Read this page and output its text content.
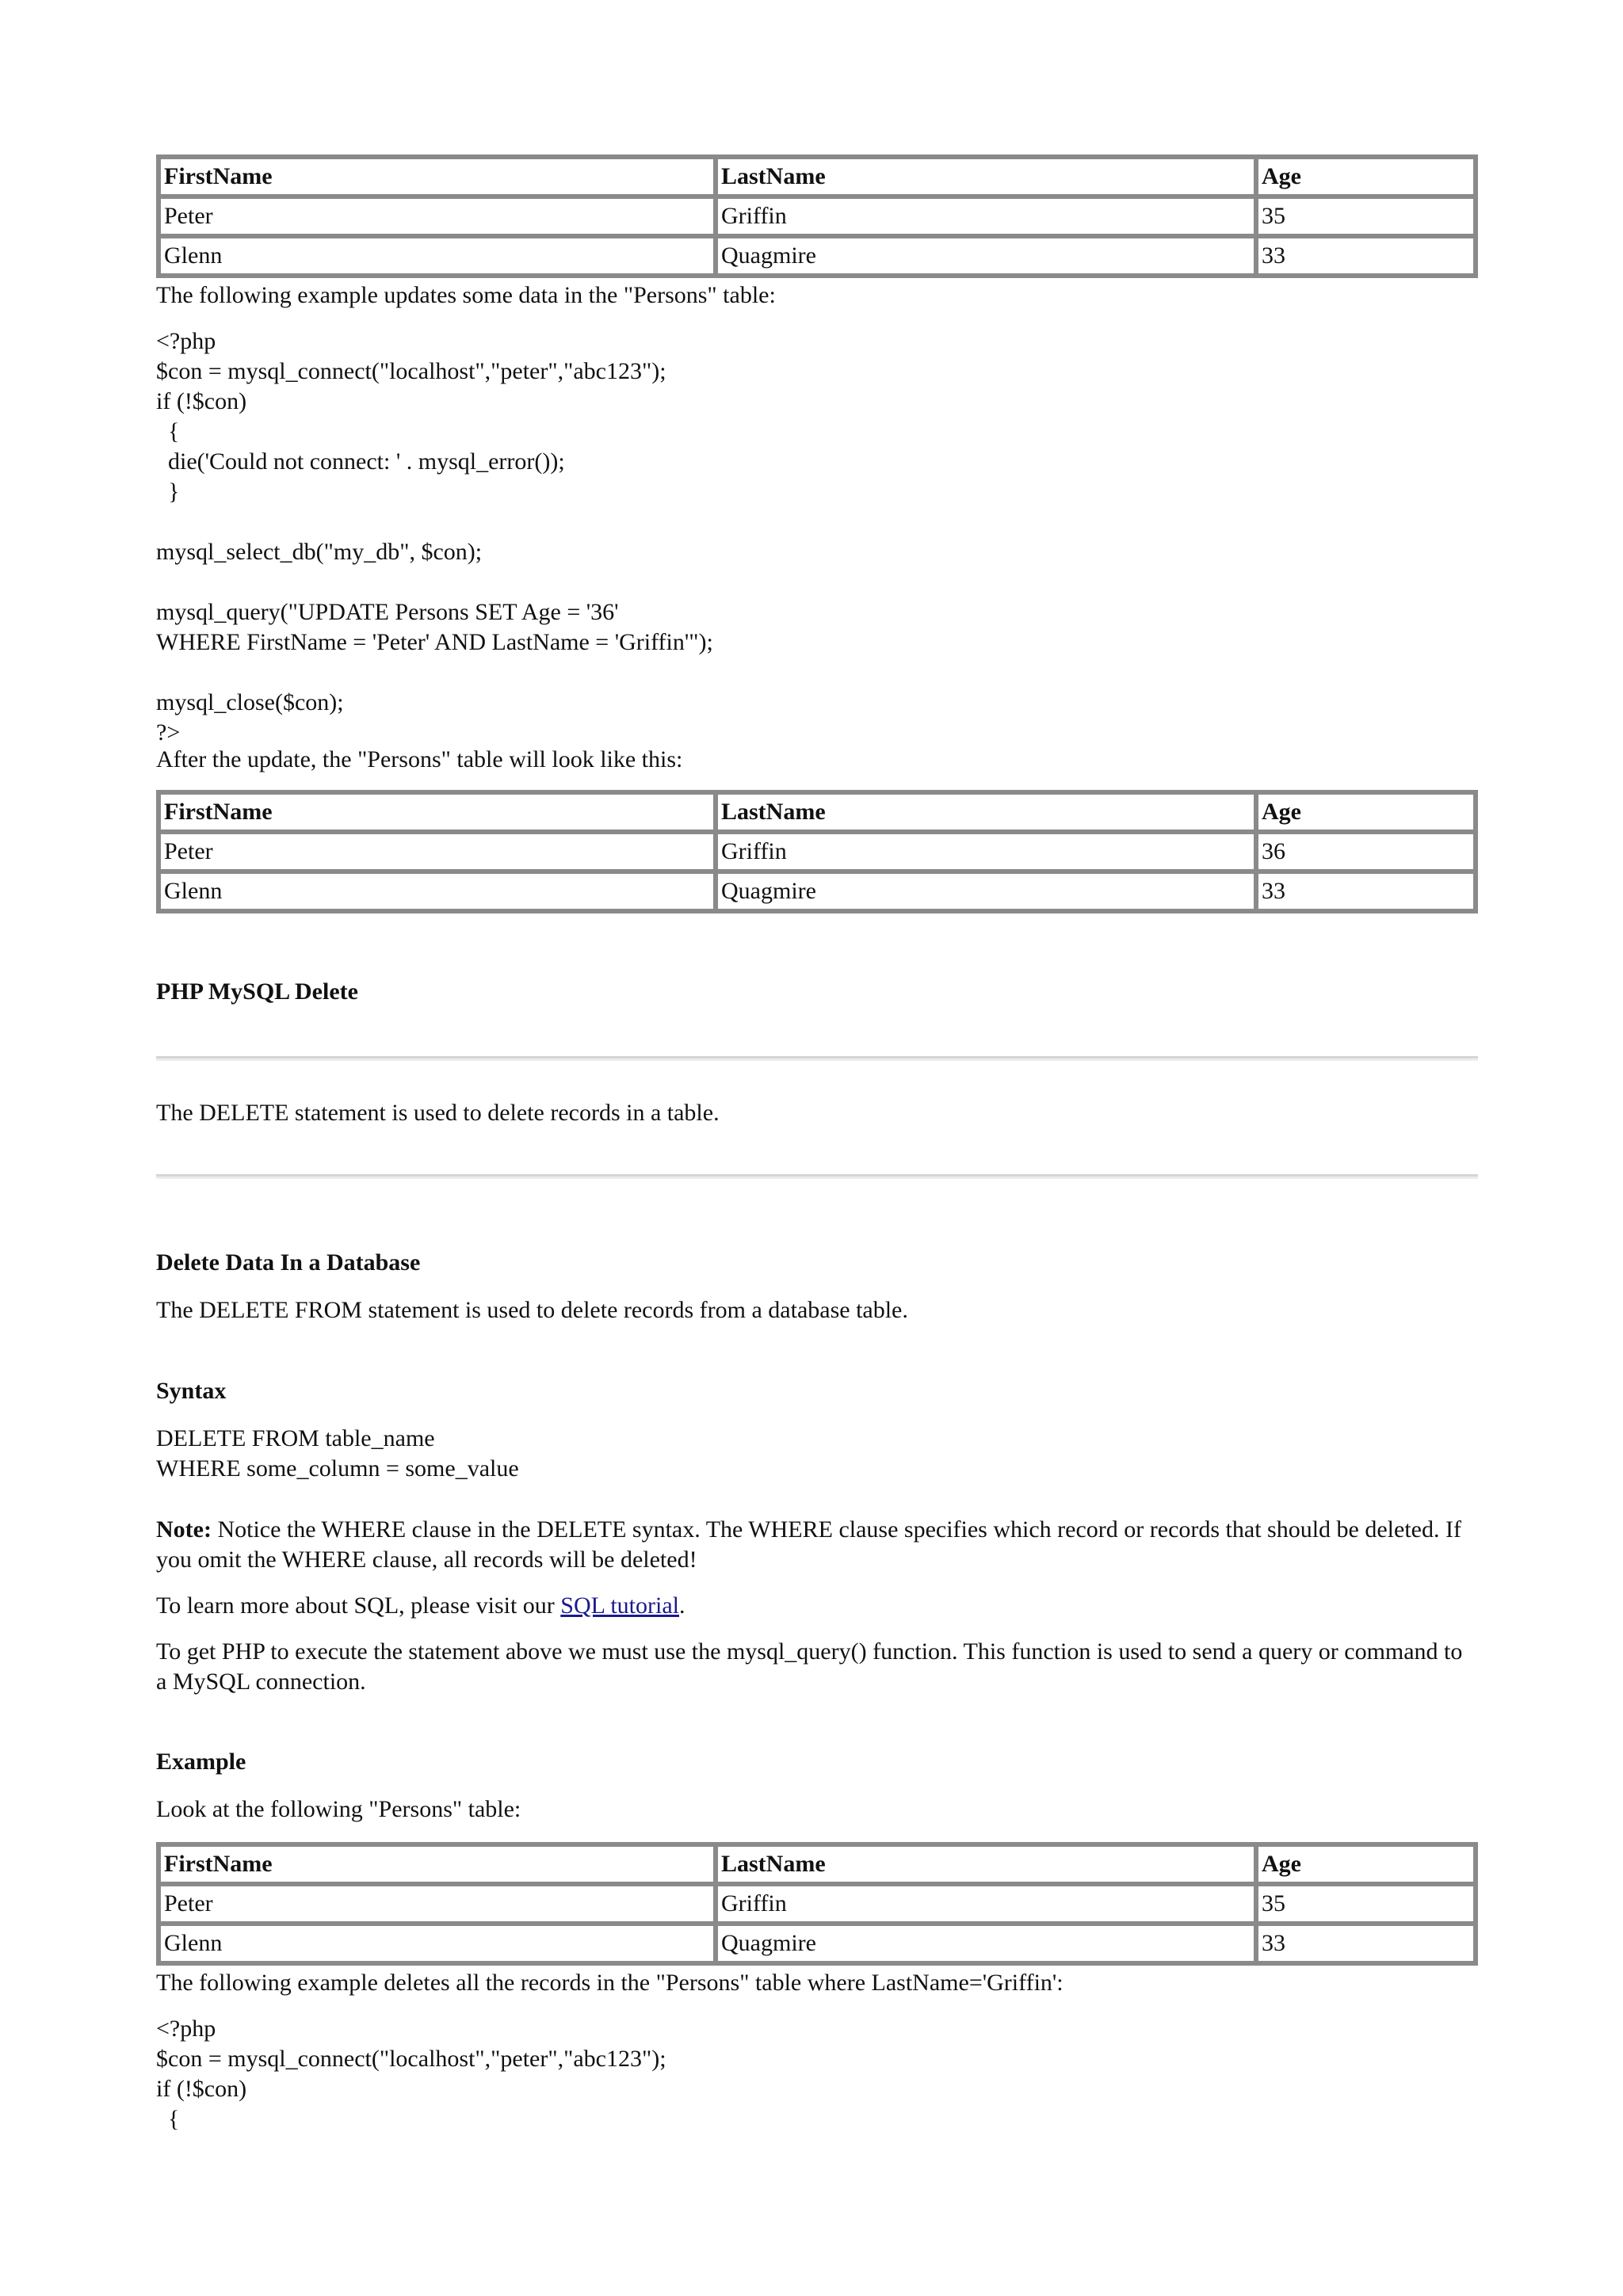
FirstName	LastName	Age
Peter	Griffin	35
Glenn	Quagmire	33

The following example updates some data in the "Persons" table:

<?php
$con = mysql_connect("localhost","peter","abc123");
if (!$con)
{
die('Could not connect: ' . mysql_error());
}

mysql_select_db("my_db", $con);

mysql_query("UPDATE Persons SET Age = '36'
WHERE FirstName = 'Peter' AND LastName = 'Griffin'");

mysql_close($con);
?>

After the update, the "Persons" table will look like this:

FirstName	LastName	Age
Peter	Griffin	36
Glenn	Quagmire	33
PHP MySQL Delete

The DELETE statement is used to delete records in a table.

Delete Data In a Database

The DELETE FROM statement is used to delete records from a database table.

Syntax
DELETE FROM table_name
WHERE some_column = some_value

Note: Notice the WHERE clause in the DELETE syntax. The WHERE clause specifies which record or records that should be deleted. If you omit the WHERE clause, all records will be deleted!

To learn more about SQL, please visit our SQL tutorial.

To get PHP to execute the statement above we must use the mysql_query() function. This function is used to send a query or command to a MySQL connection.

Example

Look at the following "Persons" table:

FirstName	LastName	Age
Peter	Griffin	35
Glenn	Quagmire	33

The following example deletes all the records in the "Persons" table where LastName='Griffin':

<?php
$con = mysql_connect("localhost","peter","abc123");
if (!$con)
{
